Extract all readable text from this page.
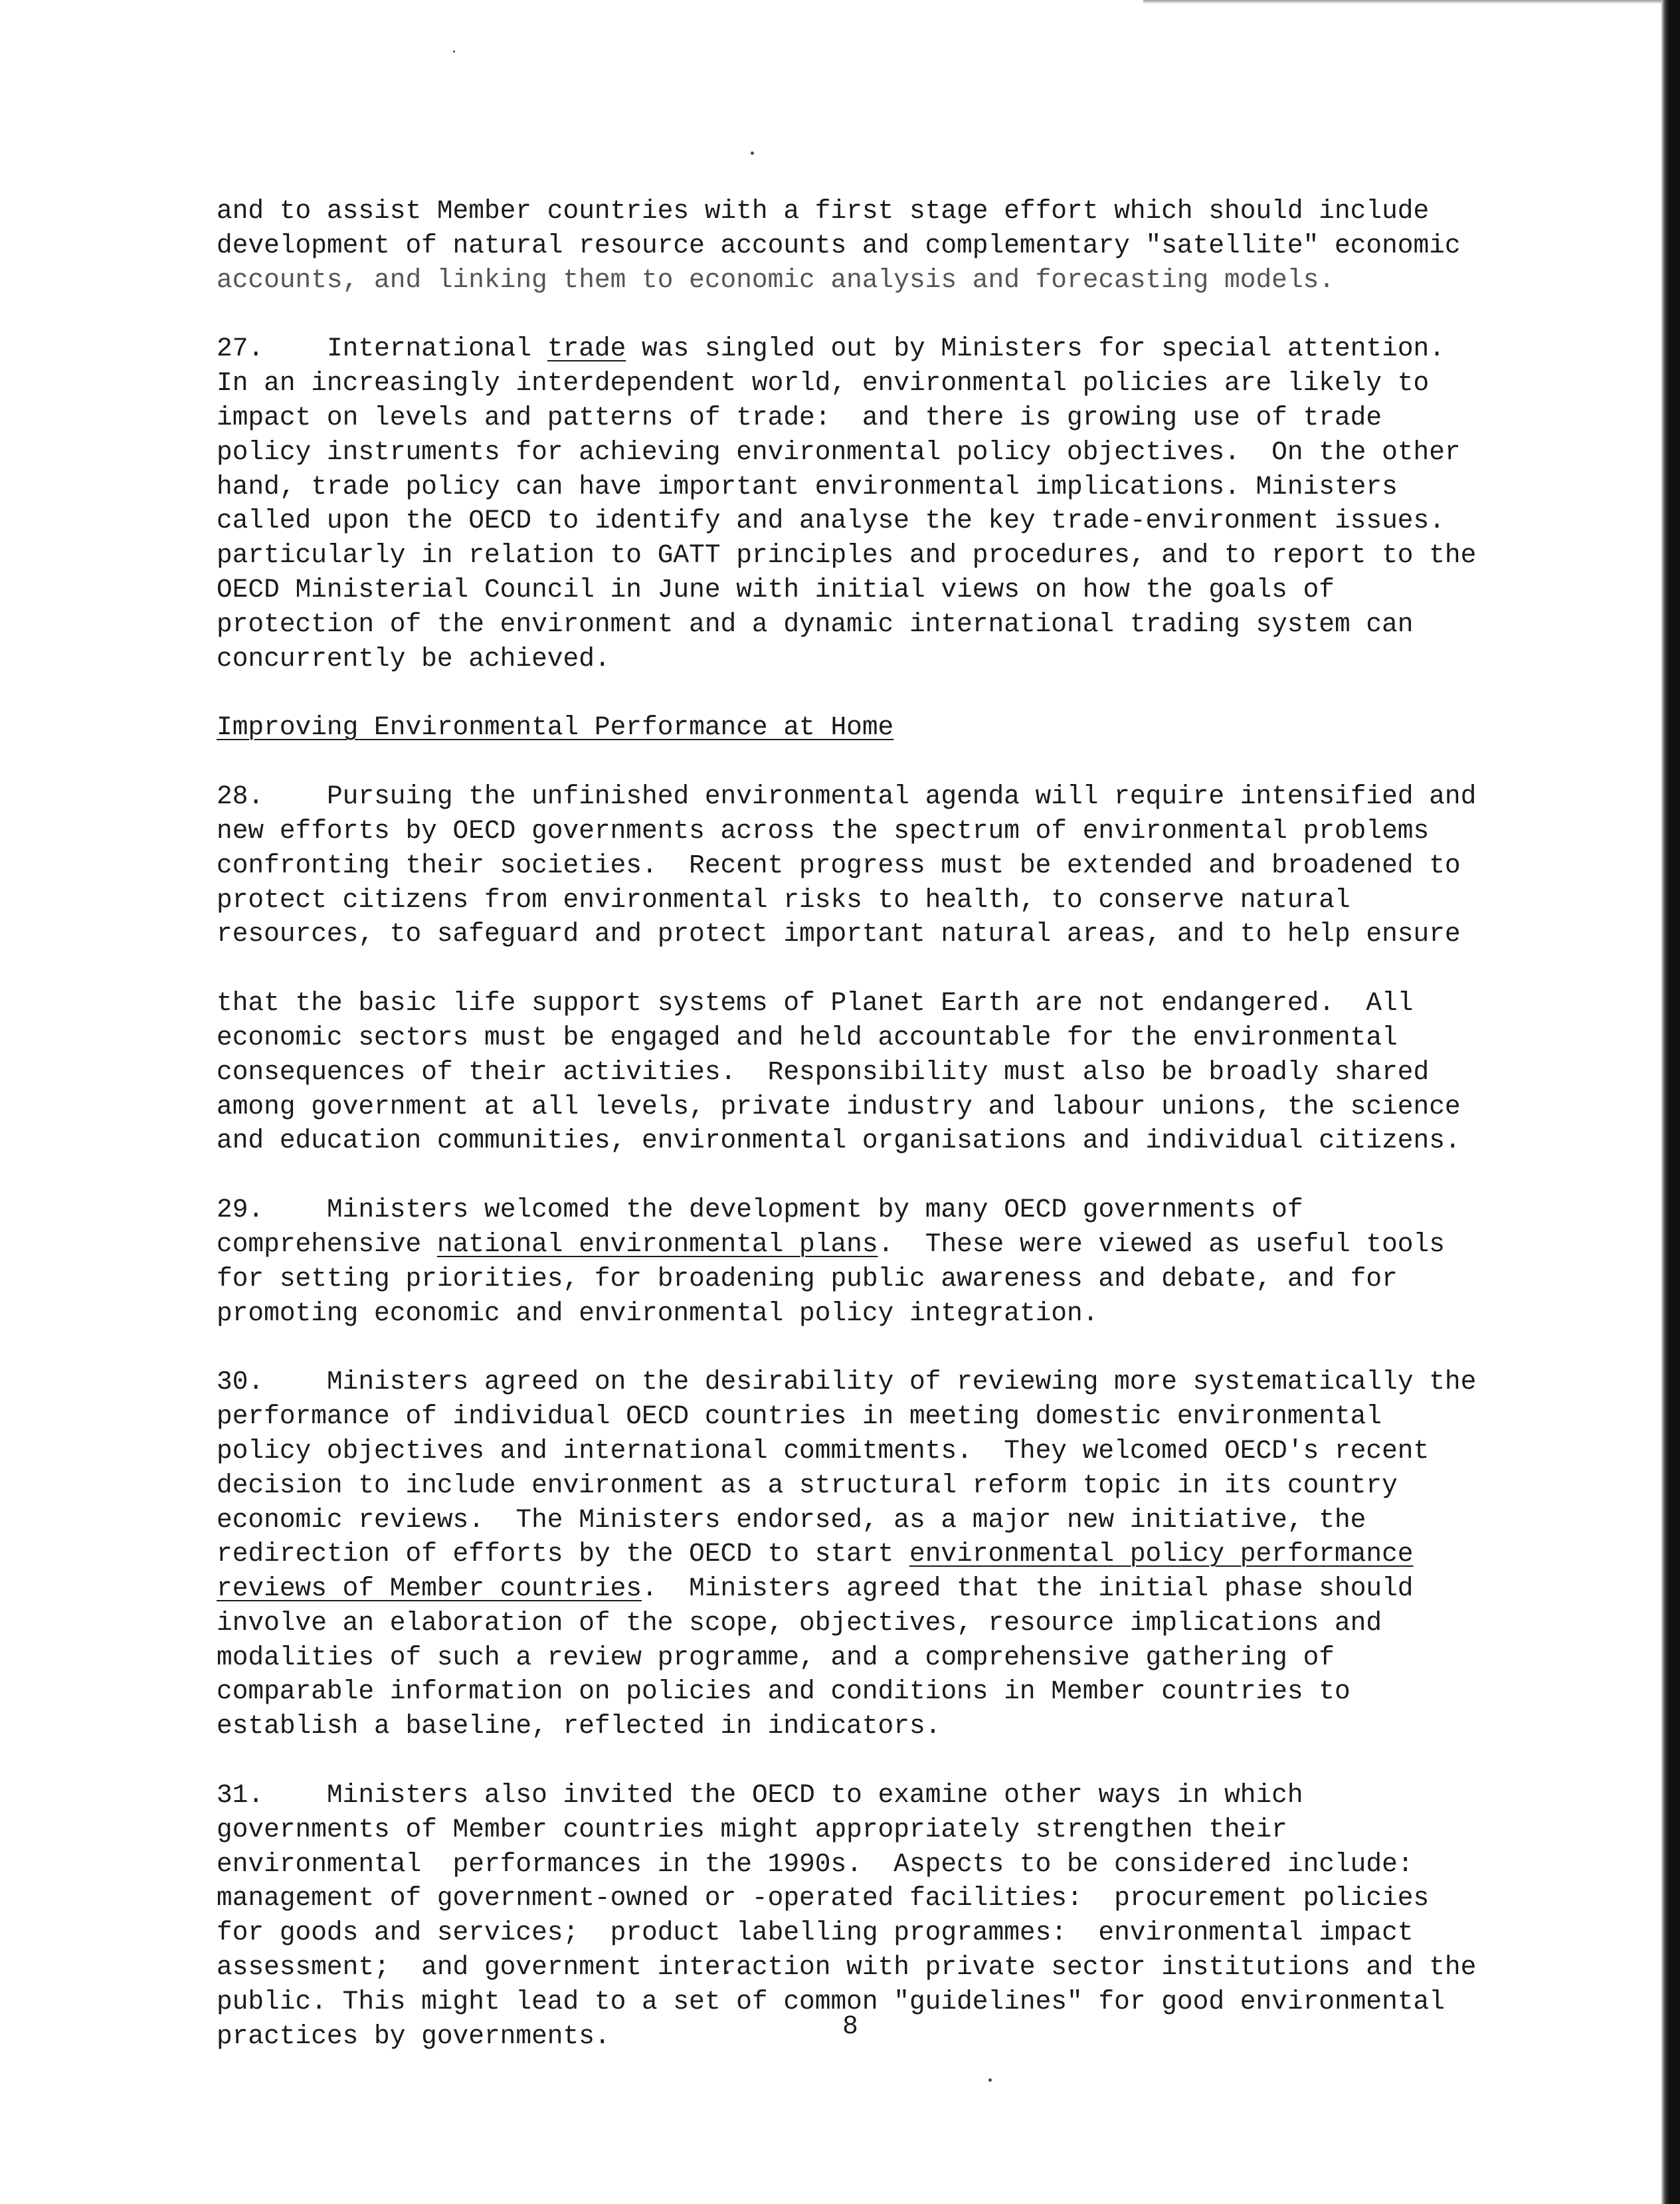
and to assist Member countries with a first stage effort which should include

development of natural resource accounts and complementary "satellite" economic

accounts, and linking them to economic analysis and forecasting models.

27. International trade was singled out by Ministers for special attention.

In an increasingly interdependent world, environmental policies are likely to

impact on levels and patterns of trade:  and there is growing use of trade

policy instruments for achieving environmental policy objectives.  On the other

hand, trade policy can have important environmental implications. Ministers

called upon the OECD to identify and analyse the key trade-environment issues.

particularly in relation to GATT principles and procedures, and to report to the

OECD Ministerial Council in June with initial views on how the goals of

protection of the environment and a dynamic international trading system can

concurrently be achieved.

Improving Environmental Performance at Home

28. Pursuing the unfinished environmental agenda will require intensified and

new efforts by OECD governments across the spectrum of environmental problems

confronting their societies.  Recent progress must be extended and broadened to

protect citizens from environmental risks to health, to conserve natural

resources, to safeguard and protect important natural areas, and to help ensure

that the basic life support systems of Planet Earth are not endangered.  All

economic sectors must be engaged and held accountable for the environmental

consequences of their activities.  Responsibility must also be broadly shared

among government at all levels, private industry and labour unions, the science

and education communities, environmental organisations and individual citizens.

29. Ministers welcomed the development by many OECD governments of

comprehensive national environmental plans.  These were viewed as useful tools

for setting priorities, for broadening public awareness and debate, and for

promoting economic and environmental policy integration.

30. Ministers agreed on the desirability of reviewing more systematically the

performance of individual OECD countries in meeting domestic environmental

policy objectives and international commitments.  They welcomed OECD's recent

decision to include environment as a structural reform topic in its country

economic reviews.  The Ministers endorsed, as a major new initiative, the

redirection of efforts by the OECD to start environmental policy performance

reviews of Member countries.  Ministers agreed that the initial phase should

involve an elaboration of the scope, objectives, resource implications and

modalities of such a review programme, and a comprehensive gathering of

comparable information on policies and conditions in Member countries to

establish a baseline, reflected in indicators.

31. Ministers also invited the OECD to examine other ways in which

governments of Member countries might appropriately strengthen their

environmental  performances in the 1990s.  Aspects to be considered include:

management of government-owned or -operated facilities:  procurement policies

for goods and services;  product labelling programmes:  environmental impact

assessment;  and government interaction with private sector institutions and the

public. This might lead to a set of common "guidelines" for good environmental

practices by governments.	8
